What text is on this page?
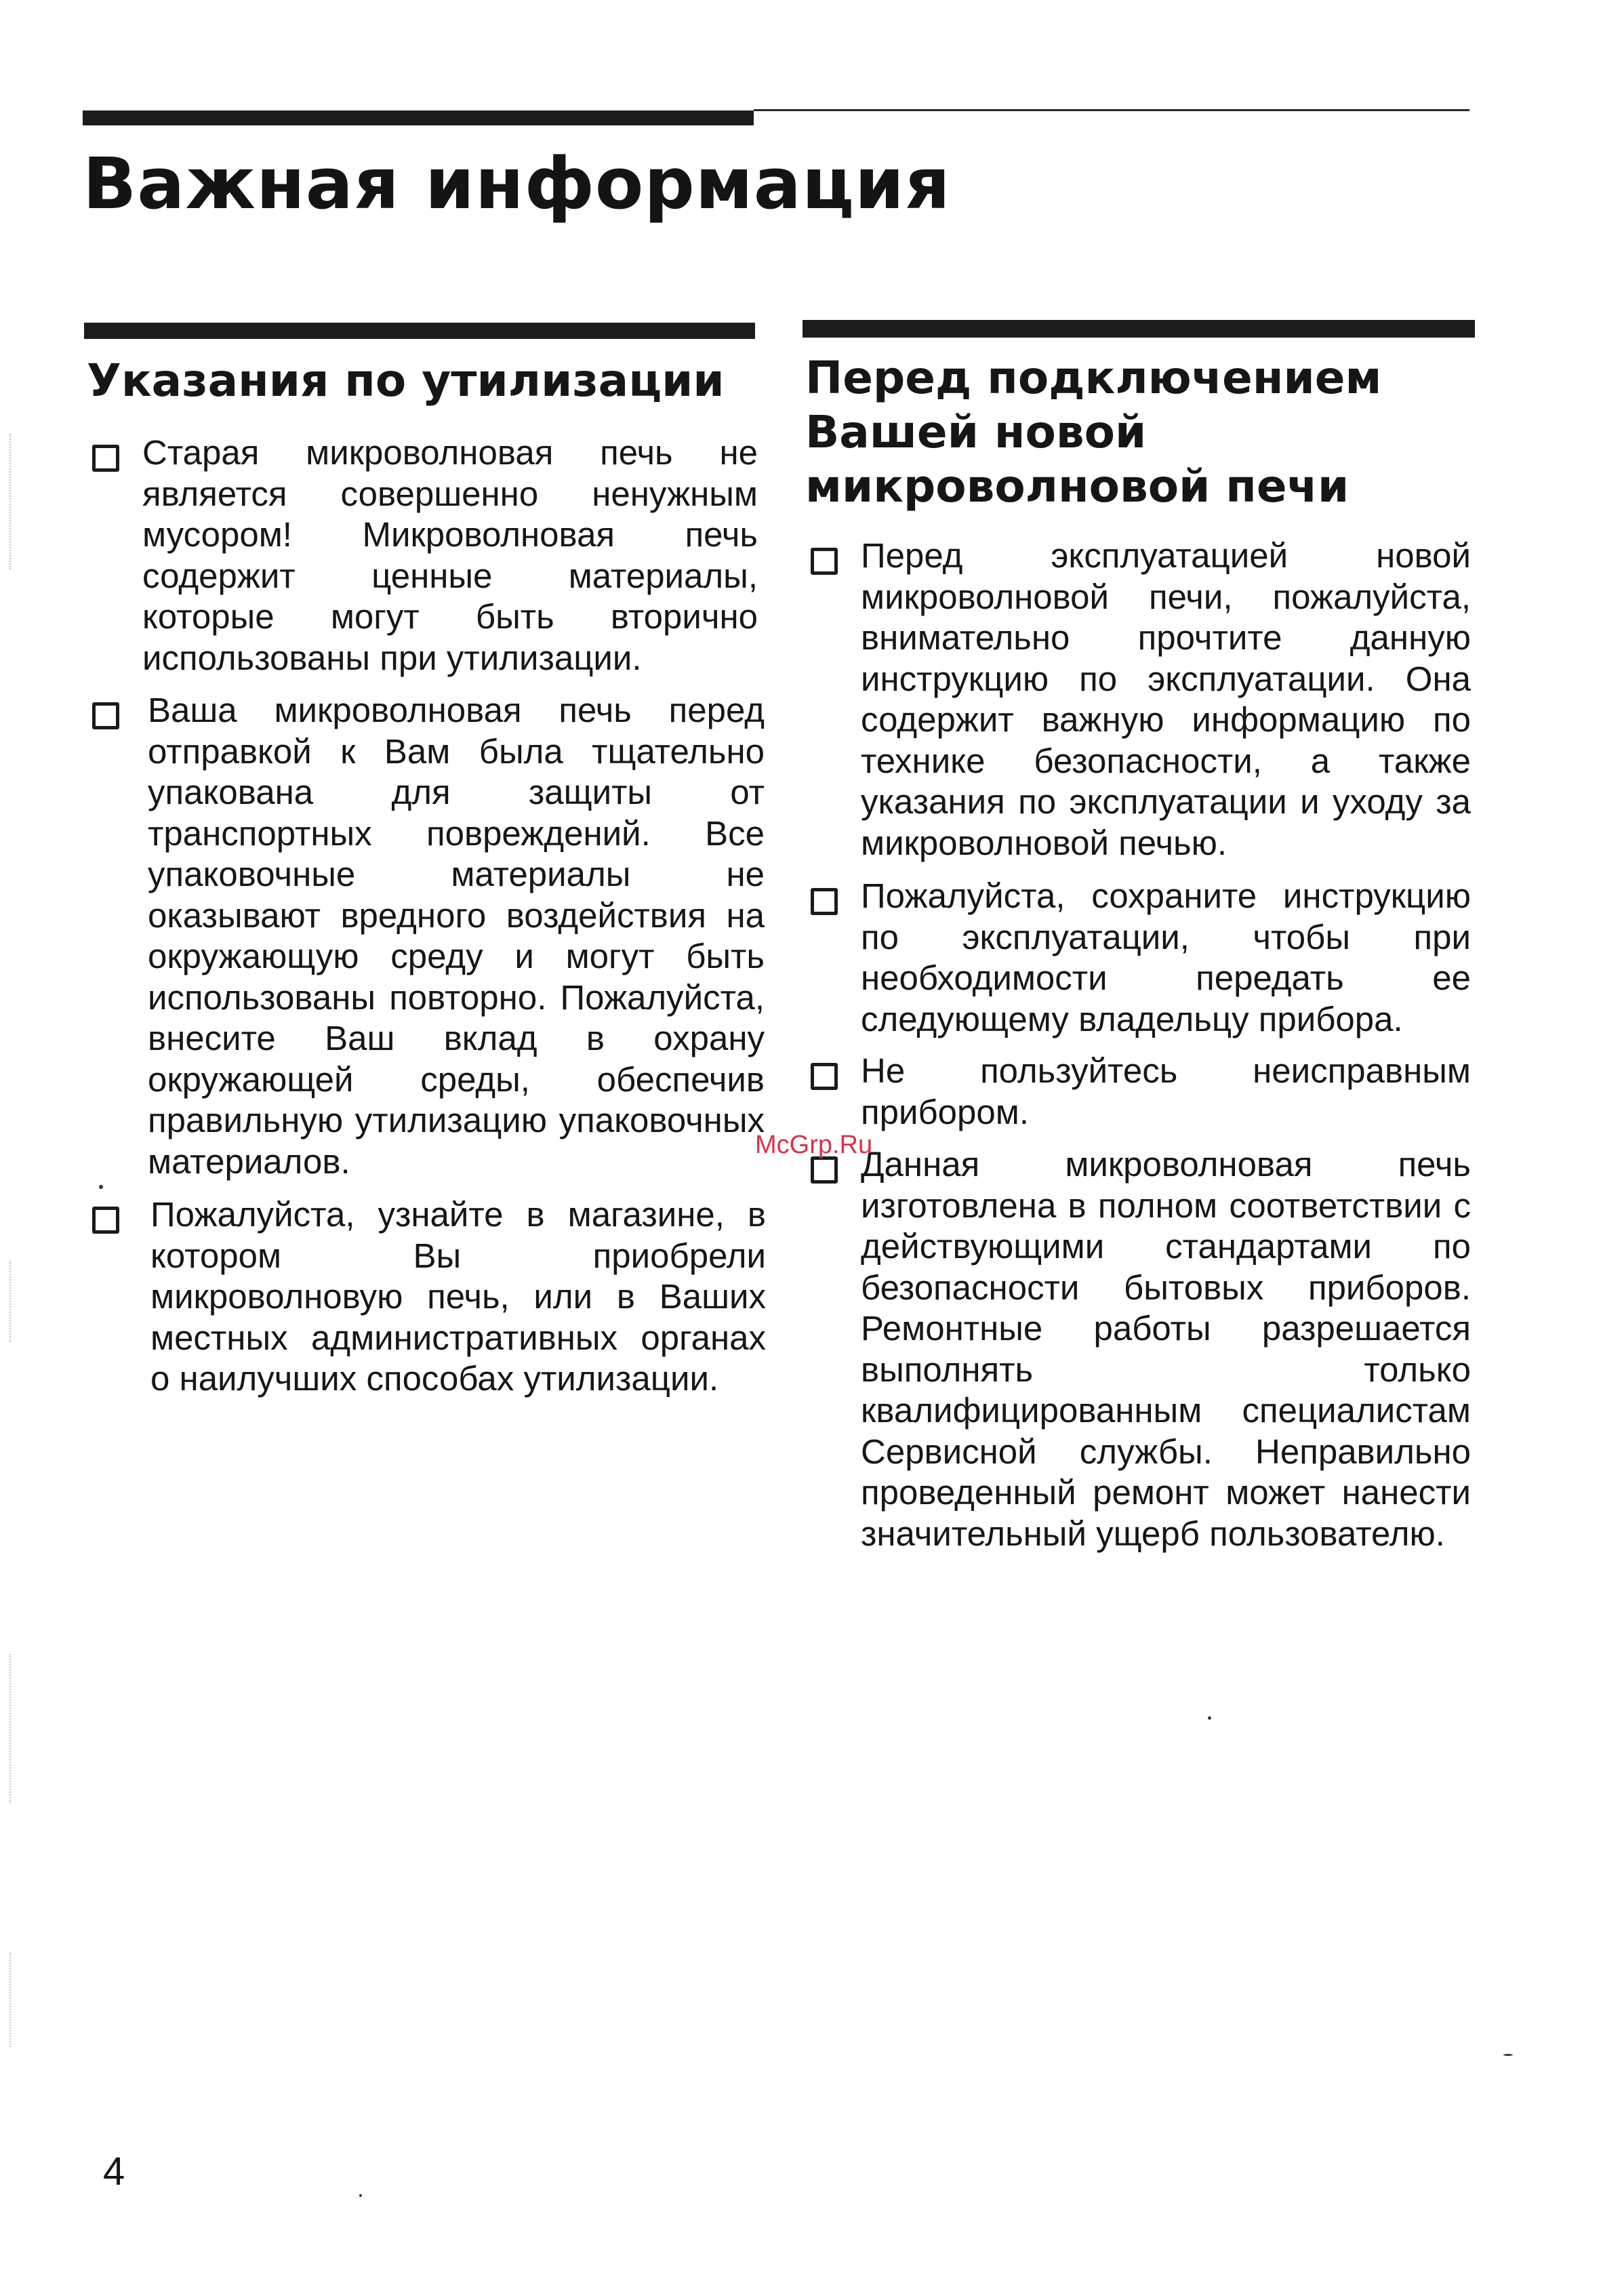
Важная информация
Указания по утилизации
Старая микроволновая печь не является совершенно ненужным мусором! Микроволновая печь содержит ценные материалы, которые могут быть вторично использованы при утилизации.
Ваша микроволновая печь перед отправкой к Вам была тщательно упакована для защиты от транспортных повреждений. Все упаковочные материалы не оказывают вредного воздействия на окружающую среду и могут быть использованы повторно. Пожалуйста, внесите Ваш вклад в охрану окружающей среды, обеспечив правильную утилизацию упаковочных материалов.
Пожалуйста, узнайте в магазине, в котором Вы приобрели микроволновую печь, или в Ваших местных административных органах о наилучших способах утилизации.
Перед подключением
Вашей новой
микроволновой печи
Перед эксплуатацией новой микроволновой печи, пожалуйста, внимательно прочтите данную инструкцию по эксплуатации. Она содержит важную информацию по технике безопасности, а также указания по эксплуатации и уходу за микроволновой печью.
Пожалуйста, сохраните инструкцию по эксплуатации, чтобы при необходимости передать ее следующему владельцу прибора.
Не пользуйтесь неисправным прибором.
Данная микроволновая печь изготовлена в полном соответствии с действующими стандартами по безопасности бытовых приборов. Ремонтные работы разрешается выполнять только квалифицированным специалистам Сервисной службы. Неправильно проведенный ремонт может нанести значительный ущерб пользователю.
McGrp.Ru
4
